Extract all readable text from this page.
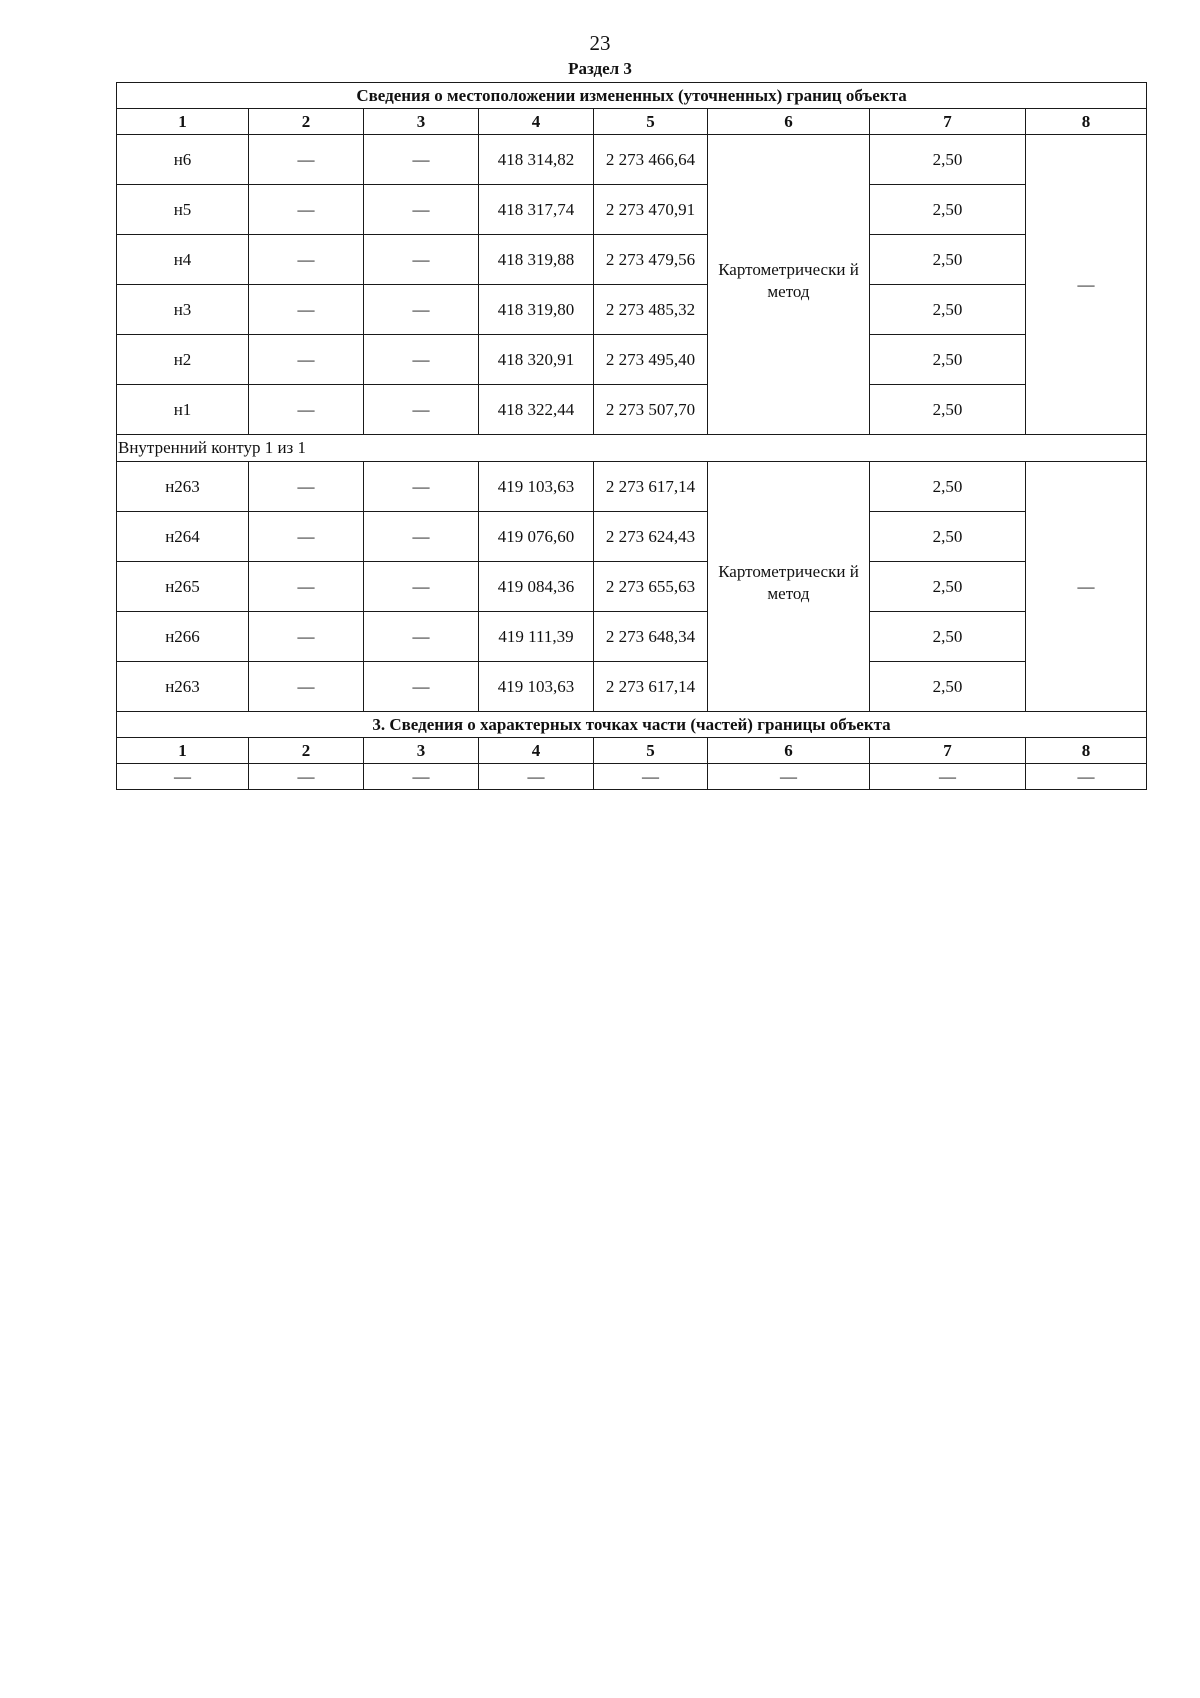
23
Раздел 3
Сведения о местоположении измененных (уточненных) границ объекта							
1	2	3	4	5	6	7	8
н6	—	—	418 314,82	2 273 466,64	Картометрически й метод	2,50	—
н5	—	—	418 317,74	2 273 470,91		2,50	
н4	—	—	418 319,88	2 273 479,56		2,50	
н3	—	—	418 319,80	2 273 485,32		2,50	
н2	—	—	418 320,91	2 273 495,40		2,50	
н1	—	—	418 322,44	2 273 507,70		2,50	
Внутренний контур 1 из 1							
н263	—	—	419 103,63	2 273 617,14	Картометрически й метод	2,50	—
н264	—	—	419 076,60	2 273 624,43		2,50	
н265	—	—	419 084,36	2 273 655,63		2,50	
н266	—	—	419 111,39	2 273 648,34		2,50	
н263	—	—	419 103,63	2 273 617,14		2,50	
3. Сведения о характерных точках части (частей) границы объекта							
1	2	3	4	5	6	7	8
—	—	—	—	—	—	—	—
